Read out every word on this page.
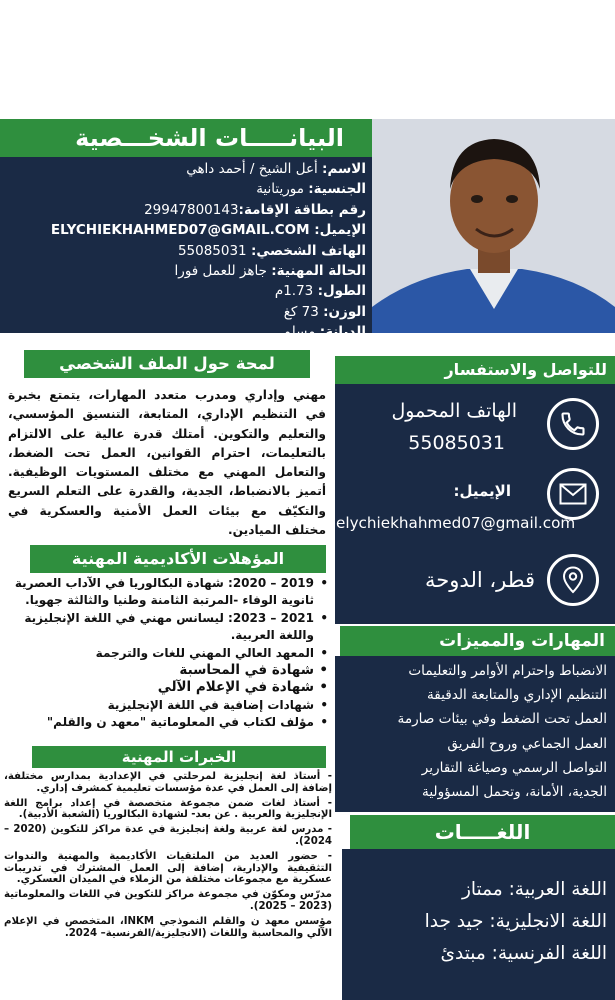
البيانـــــات الشخـــصية
الاسم: أعل الشيخ / أحمد داهي
الجنسية: موريتانية
رقم بطاقة الإقامة:29947800143
الإيميل: ELYCHIEKHAHMED07@GMAIL.COM
الهاتف الشخصي: 55085031
الحالة المهنية: جاهز للعمل فورا
الطول: 1.73م
الوزن: 73 كغ
الديانة: مسلم
لمحة حول الملف الشخصي
مهني وإداري ومدرب متعدد المهارات، يتمتع بخبرة في التنظيم الإداري، المتابعة، التنسيق المؤسسي، والتعليم والتكوين. أمتلك قدرة عالية على الالتزام بالتعليمات، احترام القوانين، العمل تحت الضغط، والتعامل المهني مع مختلف المستويات الوظيفية. أتميز بالانضباط، الجدية، والقدرة على التعلم السريع والتكيّف مع بيئات العمل الأمنية والعسكرية في مختلف الميادين.
المؤهلات الأكاديمية المهنية
• 2019 – 2020: شهادة البكالوريا في الآداب العصرية
ثانوية الوفاء -المرتبة الثامنة وطنيا والثالثة جهويا.
• 2021 – 2023: ليسانس مهني في اللغة الإنجليزية واللغة العربية.
• المعهد العالي المهني للغات والترجمة
• شهادة في المحاسبة
• شهادة في الإعلام الآلي
• شهادات إضافية في اللغة الإنجليزية
• مؤلف لكتاب في المعلوماتية "معهد ن والقلم"
الخبرات المهنية

- أستاذ لغة إنجليزية لمرحلتي في الإعدادية بمدارس مختلفة، إضافة إلى العمل في عدة مؤسسات تعليمية كمشرف إداري.

- أستاذ لغات ضمن مجموعة متخصصة في إعداد برامج اللغة الإنجليزية والعربية . عن بعد- لشهادة البكالوريا (الشعبة الأدبية).

- مدرس لغة عربية ولغة إنجليزية في عدة مراكز للتكوين (2020 – 2024).

- حضور العديد من الملتقيات الأكاديمية والمهنية والندوات التثقيفية والإدارية، إضافة إلى العمل المشترك في تدريبات عسكرية مع مجموعات مختلفة من الزملاء في الميدان العسكري.

مدرّس ومكوّن في مجموعة مراكز للتكوين في اللغات والمعلوماتية (2023 – 2025).

مؤسس معهد ن والقلم النموذجي INKM، المتخصص في الإعلام الآلي والمحاسبة واللغات (الانجليزية/الفرنسية– 2024.

للتواصل والاستفسار
الهاتف المحمول
55085031
الإيميل:
elychiekhahmed07@gmail.com
قطر، الدوحة
المهارات والمميزات
الانضباط واحترام الأوامر والتعليمات
التنظيم الإداري والمتابعة الدقيقة
العمل تحت الضغط وفي بيئات صارمة
العمل الجماعي وروح الفريق
التواصل الرسمي وصياغة التقارير
الجدية، الأمانة، وتحمل المسؤولية
اللغـــــات
اللغة العربية: ممتاز
اللغة الانجليزية: جيد جدا
اللغة الفرنسية: مبتدئ
